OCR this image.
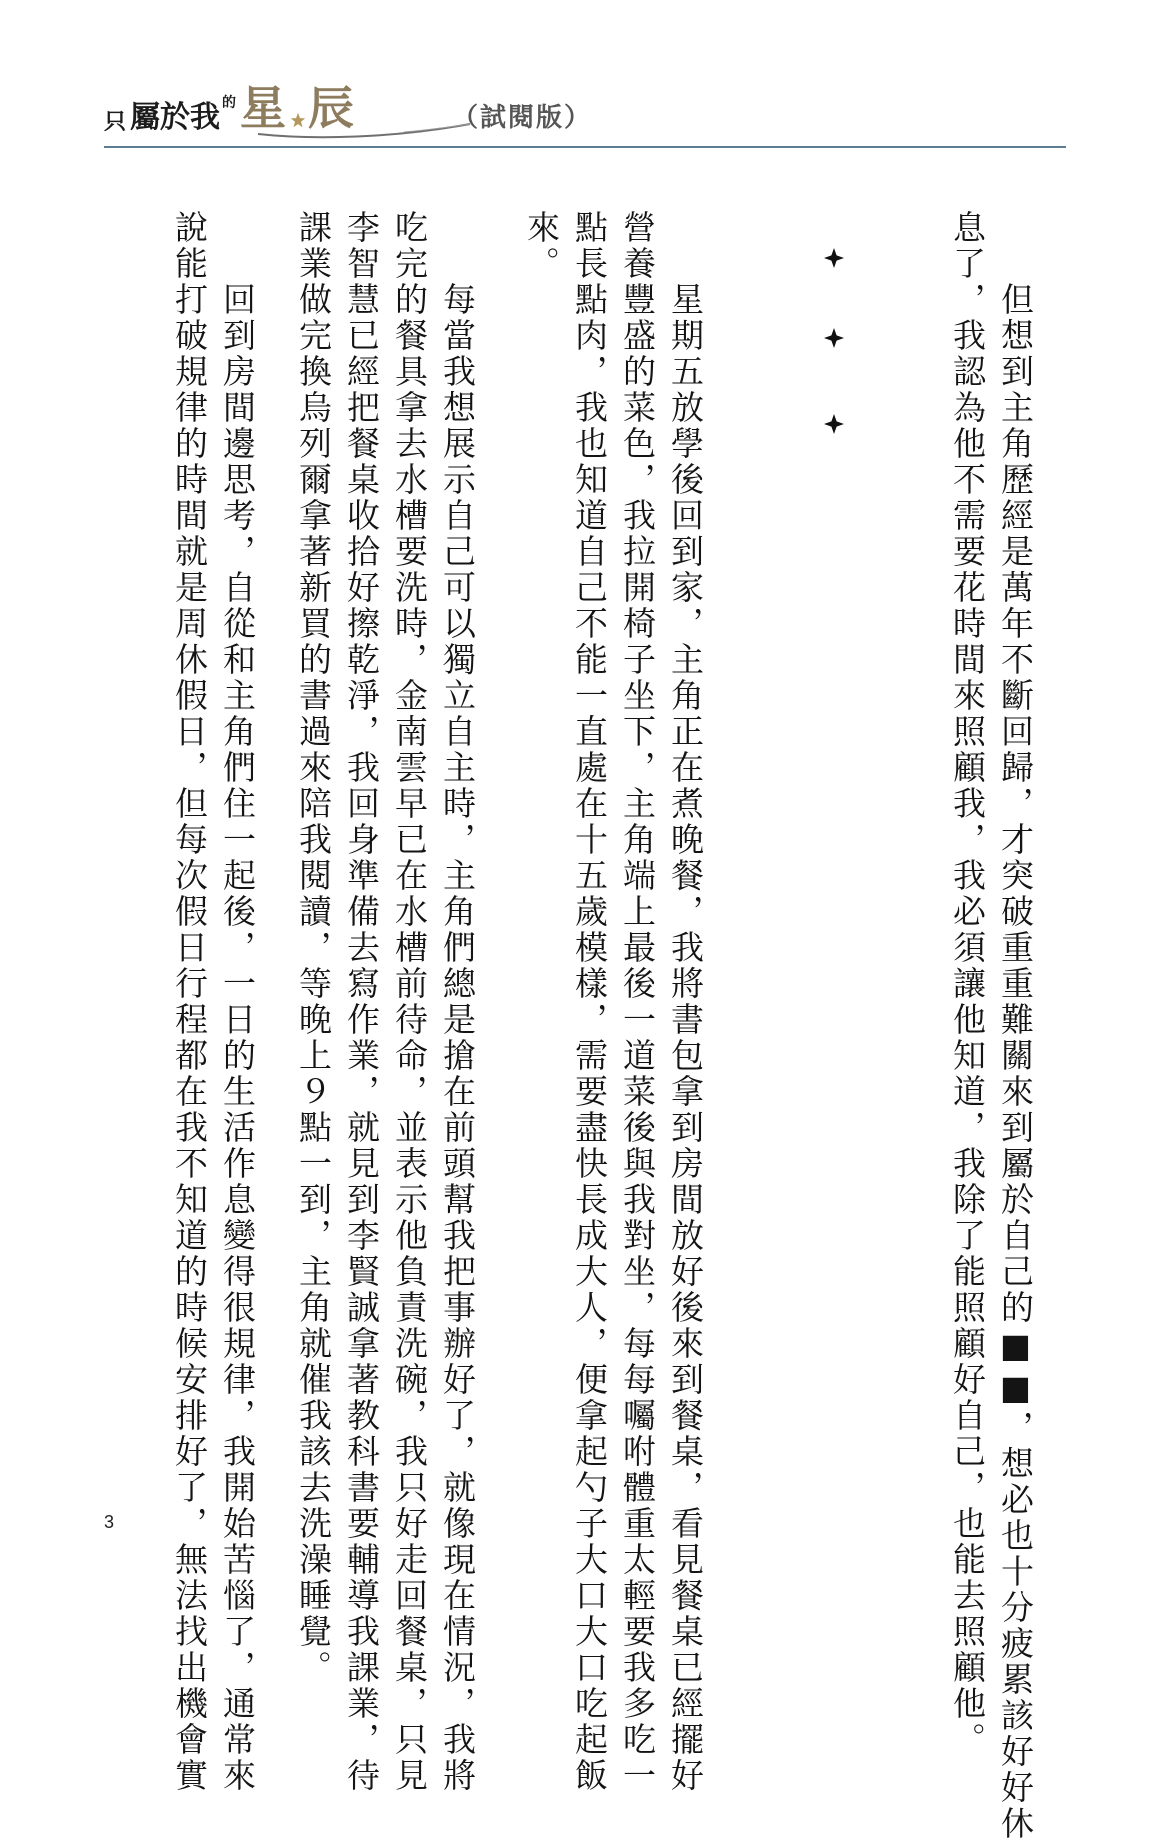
只 屬於我 的 星 辰	（試閱版）
　　但想到主角歷經是萬年不斷回歸，才突破重重難關來到屬於自己的■■，想必也十分疲累該好好休
息了，我認為他不需要花時間來照顧我，我必須讓他知道，我除了能照顧好自己，也能去照顧他。
　　星期五放學後回到家，主角正在煮晚餐，我將書包拿到房間放好後來到餐桌，看見餐桌已經擺好
營養豐盛的菜色，我拉開椅子坐下，主角端上最後一道菜後與我對坐，每每囑咐體重太輕要我多吃一
點長點肉，我也知道自己不能一直處在十五歲模樣，需要盡快長成大人，便拿起勺子大口大口吃起飯
來。
　　每當我想展示自己可以獨立自主時，主角們總是搶在前頭幫我把事辦好了，就像現在情況，我將
吃完的餐具拿去水槽要洗時，金南雲早已在水槽前待命，並表示他負責洗碗，我只好走回餐桌，只見
李智慧已經把餐桌收拾好擦乾淨，我回身準備去寫作業，就見到李賢誠拿著教科書要輔導我課業，待
課業做完換烏列爾拿著新買的書過來陪我閱讀，等晚上９點一到，主角就催我該去洗澡睡覺。
　　回到房間邊思考，自從和主角們住一起後，一日的生活作息變得很規律，我開始苦惱了，通常來
說能打破規律的時間就是周休假日，但每次假日行程都在我不知道的時候安排好了，無法找出機會實
3
